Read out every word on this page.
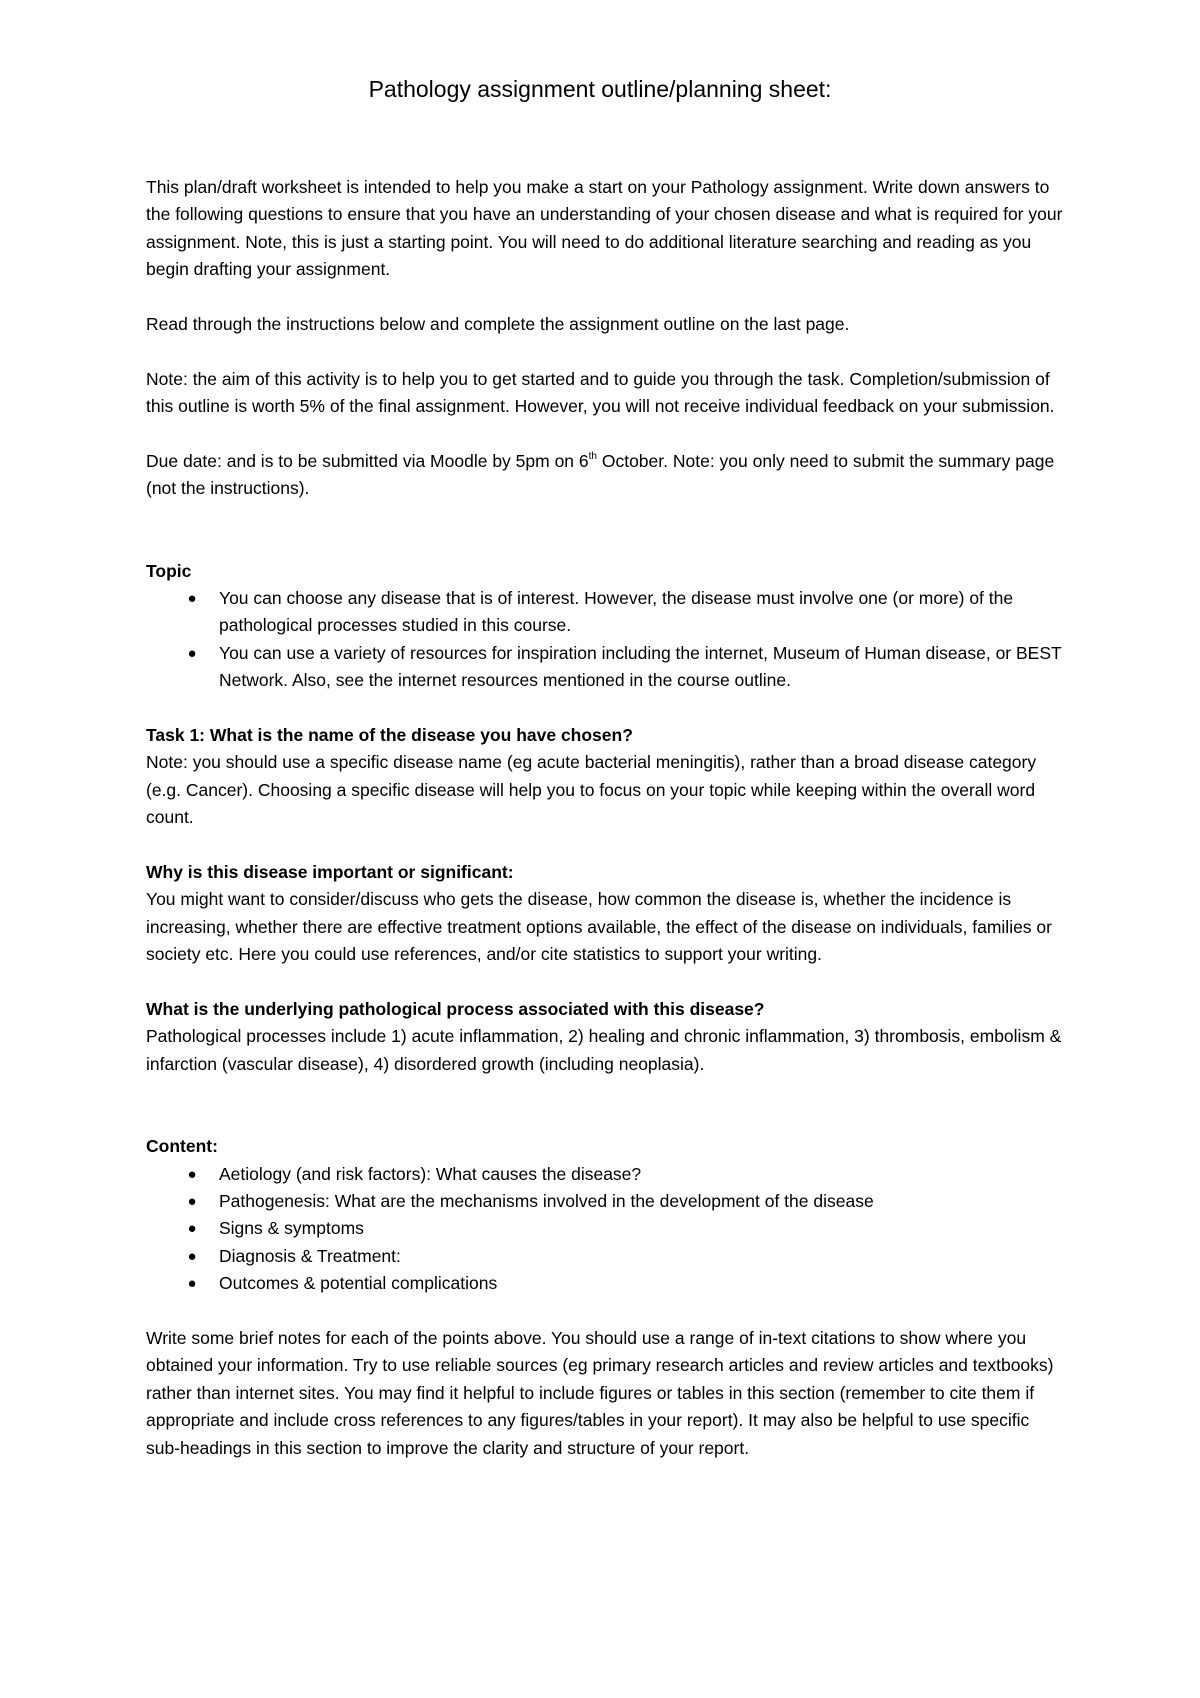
Pathology assignment outline/planning sheet:

This plan/draft worksheet is intended to help you make a start on your Pathology assignment. Write down answers to the following questions to ensure that you have an understanding of your chosen disease and what is required for your assignment. Note, this is just a starting point. You will need to do additional literature searching and reading as you begin drafting your assignment.

Read through the instructions below and complete the assignment outline on the last page.

Note: the aim of this activity is to help you to get started and to guide you through the task. Completion/submission of this outline is worth 5% of the final assignment. However, you will not receive individual feedback on your submission.

Due date: and is to be submitted via Moodle by 5pm on 6th October. Note: you only need to submit the summary page (not the instructions).

Topic

● You can choose any disease that is of interest. However, the disease must involve one (or more) of the pathological processes studied in this course.
● You can use a variety of resources for inspiration including the internet, Museum of Human disease, or BEST Network. Also, see the internet resources mentioned in the course outline.

Task 1: What is the name of the disease you have chosen?

Note: you should use a specific disease name (eg acute bacterial meningitis), rather than a broad disease category (e.g. Cancer). Choosing a specific disease will help you to focus on your topic while keeping within the overall word count.

Why is this disease important or significant:

You might want to consider/discuss who gets the disease, how common the disease is, whether the incidence is increasing, whether there are effective treatment options available, the effect of the disease on individuals, families or society etc. Here you could use references, and/or cite statistics to support your writing.

What is the underlying pathological process associated with this disease?

Pathological processes include 1) acute inflammation, 2) healing and chronic inflammation, 3) thrombosis, embolism & infarction (vascular disease), 4) disordered growth (including neoplasia).

Content:

● Aetiology (and risk factors): What causes the disease?
● Pathogenesis: What are the mechanisms involved in the development of the disease
● Signs & symptoms
● Diagnosis & Treatment:
● Outcomes & potential complications

Write some brief notes for each of the points above. You should use a range of in-text citations to show where you obtained your information. Try to use reliable sources (eg primary research articles and review articles and textbooks) rather than internet sites. You may find it helpful to include figures or tables in this section (remember to cite them if appropriate and include cross references to any figures/tables in your report). It may also be helpful to use specific sub-headings in this section to improve the clarity and structure of your report.
